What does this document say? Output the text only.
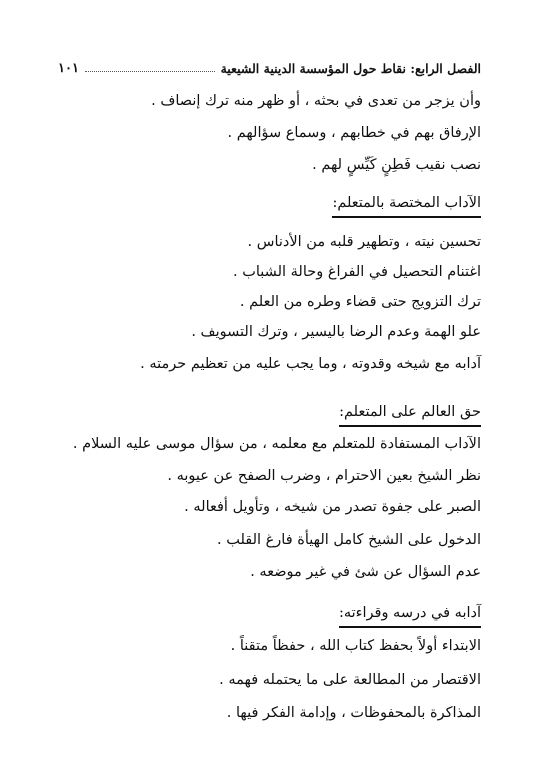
الفصل الرابع: نقاط حول المؤسسة الدينية الشيعية
١٠١
وأن يزجر من تعدى في بحثه ، أو ظهر منه ترك إنصاف .
الإرفاق بهم في خطابهم ، وسماع سؤالهم .
نصب نقيب فَطِنٍ كَيِّسٍ لهم .
الآداب المختصة بالمتعلم:
تحسين نيته ، وتطهير قلبه من الأدناس .
اغتنام التحصيل في الفراغ وحالة الشباب .
ترك التزويج حتى قضاء وطره من العلم .
علو الهمة وعدم الرضا باليسير ، وترك التسويف .
آدابه مع شيخه وقدوته ، وما يجب عليه من تعظيم حرمته .
حق العالم على المتعلم:
الآداب المستفادة للمتعلم مع معلمه ، من سؤال موسى عليه السلام .
نظر الشيخ بعين الاحترام ، وضرب الصفح عن عيوبه .
الصبر على جفوة تصدر من شيخه ، وتأويل أفعاله .
الدخول على الشيخ كامل الهيأة فارغ القلب .
عدم السؤال عن شئ في غير موضعه .
آدابه في درسه وقراءته:
الابتداء أولاً بحفظ كتاب الله ، حفظاً متقناً .
الاقتصار من المطالعة على ما يحتمله فهمه .
المذاكرة بالمحفوظات ، وإدامة الفكر فيها .
